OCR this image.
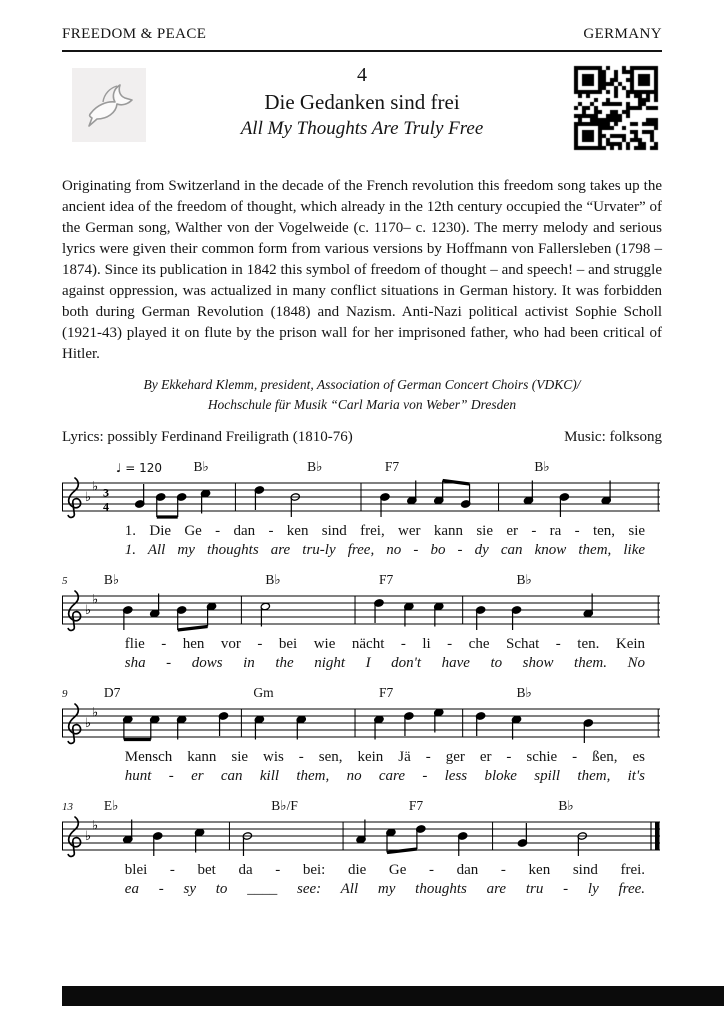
FREEDOM & PEACE	GERMANY
4
Die Gedanken sind frei
All My Thoughts Are Truly Free

Originating from Switzerland in the decade of the French revolution this freedom song takes up the ancient idea of the freedom of thought, which already in the 12th century occupied the “Urvater” of the German song, Walther von der Vogelweide (c. 1170– c. 1230). The merry melody and serious lyrics were given their common form from various versions by Hoffmann von Fallersleben (1798 – 1874). Since its publication in 1842 this symbol of freedom of thought – and speech! – and struggle against oppression, was actualized in many conflict situations in German history. It was forbidden both during German Revolution (1848) and Nazism. Anti-Nazi political activist Sophie Scholl (1921-43) played it on flute by the prison wall for her imprisoned father, who had been critical of Hitler.

By Ekkehard Klemm, president, Association of German Concert Choirs (VDKC)/
Hochschule für Musik “Carl Maria von Weber” Dresden
Lyrics: possibly Ferdinand Freiligrath (1810-76)	Music: folksong
♩ = 120 B♭	B♭	F7	B♭
♭
♭ 3
4
1. Die Ge - dan - ken sind frei, wer kann sie er - ra - ten, sie
1. All my thoughts are tru-ly free, no - bo - dy can know them, like
5	B♭	B♭	F7	B♭
♭
♭
flie - hen vor - bei wie nächt - li - che Schat - ten. Kein
sha - dows in the night I don't have to show them. No
9	D7	Gm	F7	B♭
♭
♭
Mensch kann sie wis - sen, kein Jä - ger er - schie - ßen, es
hunt - er can kill them, no care - less bloke spill them, it's
13 E♭	B♭/F	F7	B♭
♭
♭
blei - bet da - bei: die Ge - dan - ken sind frei.
ea - sy to ____ see: All my thoughts are tru - ly free.
